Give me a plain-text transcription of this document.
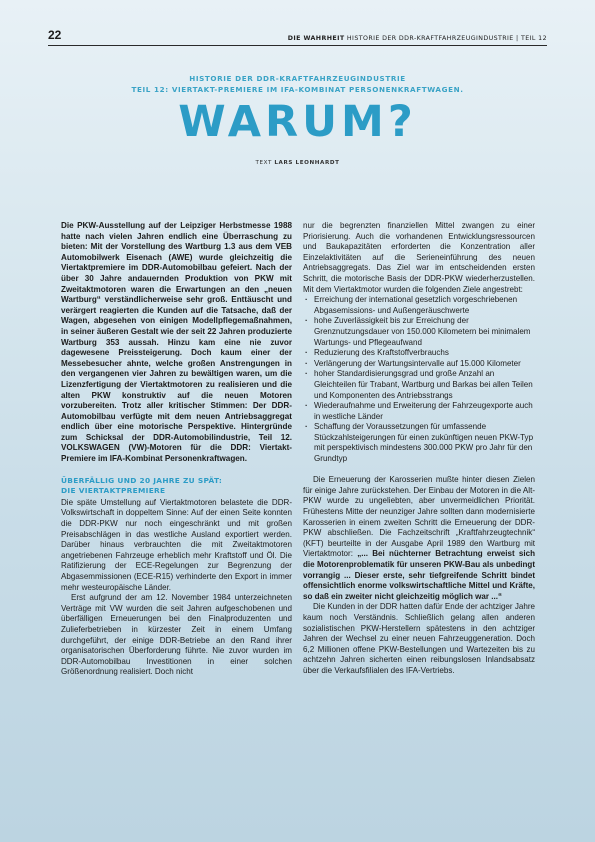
22	DIE WAHRHEIT HISTORIE DER DDR-KRAFTFAHRZEUGINDUSTRIE | TEIL 12
HISTORIE DER DDR-KRAFTFAHRZEUGINDUSTRIE
TEIL 12: VIERTAKT-PREMIERE IM IFA-KOMBINAT PERSONENKRAFTWAGEN.
WARUM?
TEXT LARS LEONHARDT

Die PKW-Ausstellung auf der Leipziger Herbstmesse 1988 hatte nach vielen Jahren endlich eine Überraschung zu bieten: Mit der Vorstellung des Wartburg 1.3 aus dem VEB Automobilwerk Eisenach (AWE) wurde gleichzeitig die Viertaktpremiere im DDR-Automobilbau gefeiert. Nach der über 30 Jahre andauernden Produktion von PKW mit Zweitaktmotoren waren die Erwartungen an den „neuen Wartburg“ verständlicherweise sehr groß. Enttäuscht und verärgert reagierten die Kunden auf die Tatsache, daß der Wagen, abgesehen von einigen Modellpflegemaßnahmen, in seiner äußeren Gestalt wie der seit 22 Jahren produzierte Wartburg 353 aussah. Hinzu kam eine nie zuvor dagewesene Preissteigerung. Doch kaum einer der Messebesucher ahnte, welche großen Anstrengungen in den vergangenen vier Jahren zu bewältigen waren, um die Lizenzfertigung der Viertaktmotoren zu realisieren und die alten PKW konstruktiv auf die neuen Motoren vorzubereiten. Trotz aller kritischer Stimmen: Der DDR-Automobilbau verfügte mit dem neuen Antriebsaggregat endlich über eine motorische Perspektive. Hintergründe zum Schicksal der DDR-Automobilindustrie, Teil 12. VOLKSWAGEN (VW)-Motoren für die DDR: Viertakt-Premiere im IFA-Kombinat Personenkraftwagen.

ÜBERFÄLLIG UND 20 JAHRE ZU SPÄT:
DIE VIERTAKTPREMIERE

Die späte Umstellung auf Viertaktmotoren belastete die DDR-Volkswirtschaft in doppeltem Sinne: Auf der einen Seite konnten die DDR-PKW nur noch eingeschränkt und mit großen Preisabschlägen in das westliche Ausland exportiert werden. Darüber hinaus verbrauchten die mit Zweitaktmotoren angetriebenen Fahrzeuge erheblich mehr Kraftstoff und Öl. Die Ratifizierung der ECE-Regelungen zur Begrenzung der Abgasemmissionen (ECE-R15) verhinderte den Export in immer mehr westeuropäische Länder.

Erst aufgrund der am 12. November 1984 unterzeichneten Verträge mit VW wurden die seit Jahren aufgeschobenen und überfälligen Erneuerungen bei den Finalproduzenten und Zulieferbetrieben in kürzester Zeit in einem Umfang durchgeführt, der einige DDR-Betriebe an den Rand ihrer organisatorischen Überforderung führte. Nie zuvor wurden im DDR-Automobilbau Investitionen in einer solchen Größenordnung realisiert. Doch nicht

nur die begrenzten finanziellen Mittel zwangen zu einer Priorisierung. Auch die vorhandenen Entwicklungsressourcen und Baukapazitäten erforderten die Konzentration aller Einzelaktivitäten auf die Serieneinführung des neuen Antriebsaggregats. Das Ziel war im entscheidenden ersten Schritt, die motorische Basis der DDR-PKW wiederherzustellen. Mit dem Viertaktmotor wurden die folgenden Ziele angestrebt:

· Erreichung der international gesetzlich vorgeschriebenen Abgasemissions- und Außengeräuschwerte
· hohe Zuverlässigkeit bis zur Erreichung der Grenznutzungsdauer von 150.000 Kilometern bei minimalem Wartungs- und Pflegeaufwand
· Reduzierung des Kraftstoffverbrauchs
· Verlängerung der Wartungsintervalle auf 15.000 Kilometer
· hoher Standardisierungsgrad und große Anzahl an Gleichteilen für Trabant, Wartburg und Barkas bei allen Teilen und Komponenten des Antriebsstrangs
· Wiederaufnahme und Erweiterung der Fahrzeugexporte auch in westliche Länder
· Schaffung der Voraussetzungen für umfassende Stückzahlsteigerungen für einen zukünftigen neuen PKW-Typ mit perspektivisch mindestens 300.000 PKW pro Jahr für den Grundtyp

Die Erneuerung der Karosserien mußte hinter diesen Zielen für einige Jahre zurückstehen. Der Einbau der Motoren in die Alt-PKW wurde zu ungeliebten, aber unvermeidlichen Priorität. Frühestens Mitte der neunziger Jahre sollten dann modernisierte Karosserien in einem zweiten Schritt die Erneuerung der DDR-PKW abschließen. Die Fachzeitschrift „Kraftfahrzeugtechnik“ (KFT) beurteilte in der Ausgabe April 1989 den Wartburg mit Viertaktmotor: „... Bei nüchterner Betrachtung erweist sich die Motorenproblematik für unseren PKW-Bau als unbedingt vorrangig ... Dieser erste, sehr tiefgreifende Schritt bindet offensichtlich enorme volkswirtschaftliche Mittel und Kräfte, so daß ein zweiter nicht gleichzeitig möglich war ...“

Die Kunden in der DDR hatten dafür Ende der achtziger Jahre kaum noch Verständnis. Schließlich gelang allen anderen sozialistischen PKW-Herstellern spätestens in den achtziger Jahren der Wechsel zu einer neuen Fahrzeuggeneration. Doch 6,2 Millionen offene PKW-Bestellungen und Wartezeiten bis zu achtzehn Jahren sicherten einen reibungslosen Inlandsabsatz über die Verkaufsfilialen des IFA-Vertriebs.
